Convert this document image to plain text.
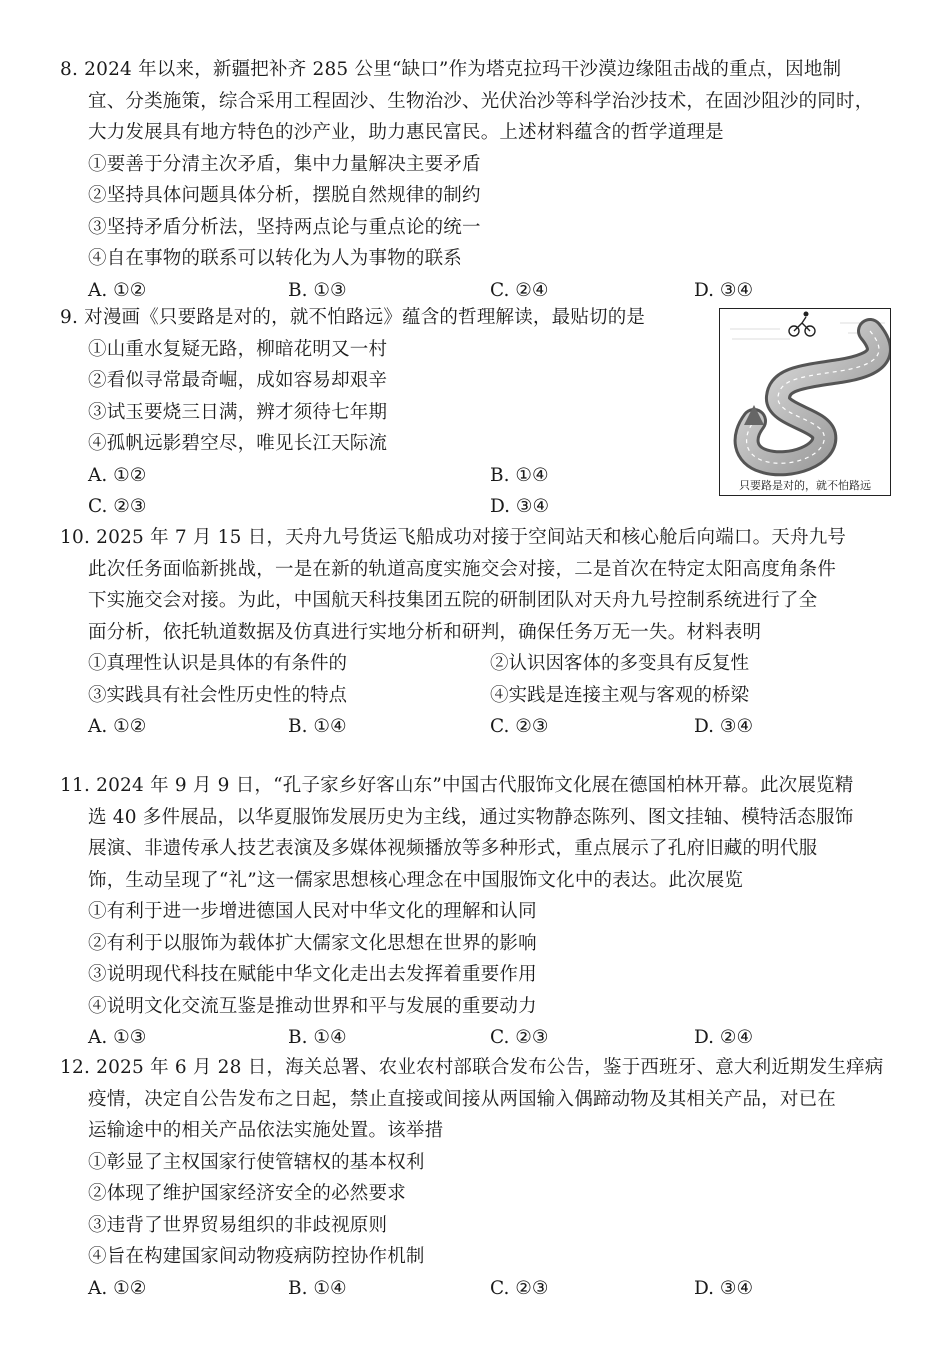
8. 2024 年以来，新疆把补齐 285 公里“缺口”作为塔克拉玛干沙漠边缘阻击战的重点，因地制
宜、分类施策，综合采用工程固沙、生物治沙、光伏治沙等科学治沙技术，在固沙阻沙的同时，
大力发展具有地方特色的沙产业，助力惠民富民。上述材料蕴含的哲学道理是
①要善于分清主次矛盾，集中力量解决主要矛盾
②坚持具体问题具体分析，摆脱自然规律的制约
③坚持矛盾分析法，坚持两点论与重点论的统一
④自在事物的联系可以转化为人为事物的联系
A. ①②	B. ①③	C. ②④	D. ③④
9. 对漫画《只要路是对的，就不怕路远》蕴含的哲理解读，最贴切的是
①山重水复疑无路，柳暗花明又一村
②看似寻常最奇崛，成如容易却艰辛
③试玉要烧三日满，辨才须待七年期
④孤帆远影碧空尽，唯见长江天际流
A. ①②	B. ①④
C. ②③	D. ③④
只要路是对的，就不怕路远
10. 2025 年 7 月 15 日，天舟九号货运飞船成功对接于空间站天和核心舱后向端口。天舟九号
此次任务面临新挑战，一是在新的轨道高度实施交会对接，二是首次在特定太阳高度角条件
下实施交会对接。为此，中国航天科技集团五院的研制团队对天舟九号控制系统进行了全
面分析，依托轨道数据及仿真进行实地分析和研判，确保任务万无一失。材料表明
①真理性认识是具体的有条件的	②认识因客体的多变具有反复性
③实践具有社会性历史性的特点	④实践是连接主观与客观的桥梁
A. ①②	B. ①④	C. ②③	D. ③④
11. 2024 年 9 月 9 日，“孔子家乡好客山东”中国古代服饰文化展在德国柏林开幕。此次展览精
选 40 多件展品，以华夏服饰发展历史为主线，通过实物静态陈列、图文挂轴、模特活态服饰
展演、非遗传承人技艺表演及多媒体视频播放等多种形式，重点展示了孔府旧藏的明代服
饰，生动呈现了“礼”这一儒家思想核心理念在中国服饰文化中的表达。此次展览
①有利于进一步增进德国人民对中华文化的理解和认同
②有利于以服饰为载体扩大儒家文化思想在世界的影响
③说明现代科技在赋能中华文化走出去发挥着重要作用
④说明文化交流互鉴是推动世界和平与发展的重要动力
A. ①③	B. ①④	C. ②③	D. ②④
12. 2025 年 6 月 28 日，海关总署、农业农村部联合发布公告，鉴于西班牙、意大利近期发生痒病
疫情，决定自公告发布之日起，禁止直接或间接从两国输入偶蹄动物及其相关产品，对已在
运输途中的相关产品依法实施处置。该举措
①彰显了主权国家行使管辖权的基本权利
②体现了维护国家经济安全的必然要求
③违背了世界贸易组织的非歧视原则
④旨在构建国家间动物疫病防控协作机制
A. ①②	B. ①④	C. ②③	D. ③④
